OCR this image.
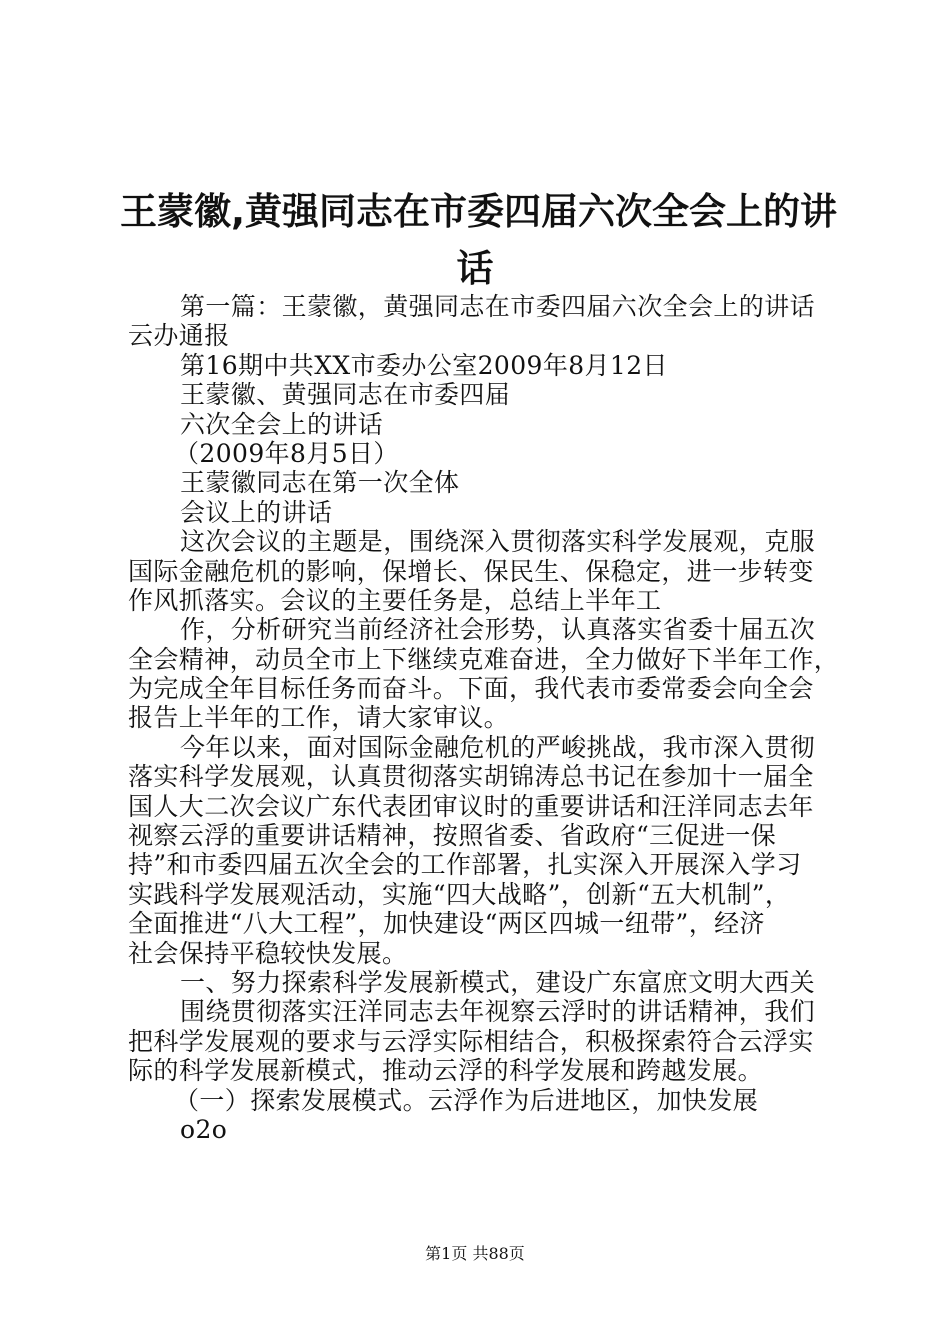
王蒙徽,黄强同志在市委四届六次全会上的讲
话
第一篇：王蒙徽，黄强同志在市委四届六次全会上的讲话
云办通报
第16期中共XX市委办公室2009年8月12日
王蒙徽、黄强同志在市委四届
六次全会上的讲话
（2009年8月5日）
王蒙徽同志在第一次全体
会议上的讲话
这次会议的主题是，围绕深入贯彻落实科学发展观，克服
国际金融危机的影响，保增长、保民生、保稳定，进一步转变
作风抓落实。会议的主要任务是，总结上半年工
作，分析研究当前经济社会形势，认真落实省委十届五次
全会精神，动员全市上下继续克难奋进，全力做好下半年工作，
为完成全年目标任务而奋斗。下面，我代表市委常委会向全会
报告上半年的工作，请大家审议。
今年以来，面对国际金融危机的严峻挑战，我市深入贯彻
落实科学发展观，认真贯彻落实胡锦涛总书记在参加十一届全
国人大二次会议广东代表团审议时的重要讲话和汪洋同志去年
视察云浮的重要讲话精神，按照省委、省政府“三促进一保
持”和市委四届五次全会的工作部署，扎实深入开展深入学习
实践科学发展观活动，实施“四大战略”，创新“五大机制”，
全面推进“八大工程”，加快建设“两区四城一纽带”，经济
社会保持平稳较快发展。
一、努力探索科学发展新模式，建设广东富庶文明大西关
围绕贯彻落实汪洋同志去年视察云浮时的讲话精神，我们
把科学发展观的要求与云浮实际相结合，积极探索符合云浮实
际的科学发展新模式，推动云浮的科学发展和跨越发展。
（一）探索发展模式。云浮作为后进地区，加快发展
o2o
第1页 共88页
